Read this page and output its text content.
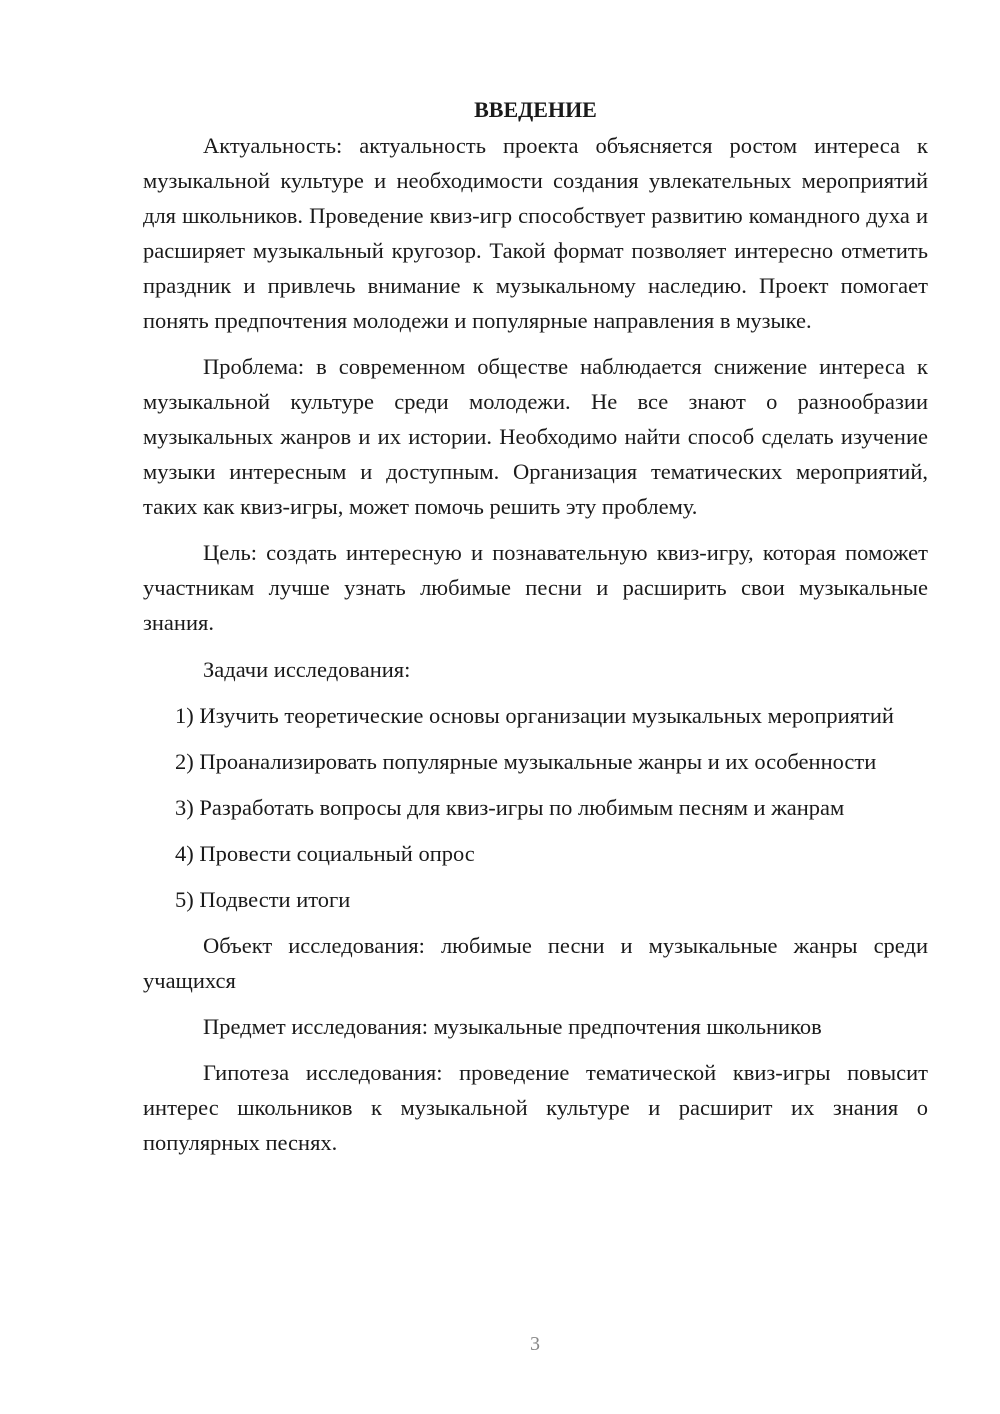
ВВЕДЕНИЕ

Актуальность: актуальность проекта объясняется ростом интереса к музыкальной культуре и необходимости создания увлекательных мероприятий для школьников. Проведение квиз-игр способствует развитию командного духа и расширяет музыкальный кругозор. Такой формат позволяет интересно отметить праздник и привлечь внимание к музыкальному наследию. Проект помогает понять предпочтения молодежи и популярные направления в музыке.

Проблема: в современном обществе наблюдается снижение интереса к музыкальной культуре среди молодежи. Не все знают о разнообразии музыкальных жанров и их истории. Необходимо найти способ сделать изучение музыки интересным и доступным. Организация тематических мероприятий, таких как квиз-игры, может помочь решить эту проблему.

Цель: создать интересную и познавательную квиз-игру, которая поможет участникам лучше узнать любимые песни и расширить свои музыкальные знания.

Задачи исследования:

1) Изучить теоретические основы организации музыкальных мероприятий

2) Проанализировать популярные музыкальные жанры и их особенности

3) Разработать вопросы для квиз-игры по любимым песням и жанрам

4) Провести социальный опрос

5) Подвести итоги

Объект исследования: любимые песни и музыкальные жанры среди учащихся

Предмет исследования: музыкальные предпочтения школьников

Гипотеза исследования: проведение тематической квиз-игры повысит интерес школьников к музыкальной культуре и расширит их знания о популярных песнях.

3
